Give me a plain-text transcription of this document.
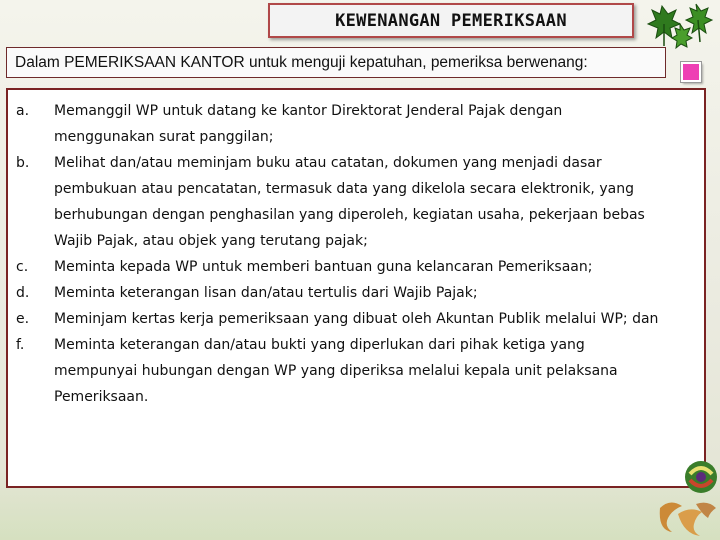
KEWENANGAN PEMERIKSAAN
Dalam PEMERIKSAAN KANTOR untuk menguji kepatuhan, pemeriksa berwenang:
a.	Memanggil WP untuk datang ke kantor Direktorat Jenderal Pajak dengan
menggunakan surat panggilan;
b.	Melihat dan/atau meminjam buku atau catatan, dokumen yang menjadi dasar
pembukuan atau pencatatan, termasuk data yang dikelola secara elektronik, yang
berhubungan dengan penghasilan yang diperoleh, kegiatan usaha, pekerjaan bebas
Wajib Pajak, atau objek yang terutang pajak;
c.	Meminta kepada WP untuk memberi bantuan guna kelancaran Pemeriksaan;
d.	Meminta keterangan lisan dan/atau tertulis dari Wajib Pajak;
e.	Meminjam kertas kerja pemeriksaan yang dibuat oleh Akuntan Publik melalui WP; dan
f.	Meminta keterangan dan/atau bukti yang diperlukan dari pihak ketiga yang
mempunyai hubungan dengan WP yang diperiksa melalui kepala unit pelaksana
Pemeriksaan.
